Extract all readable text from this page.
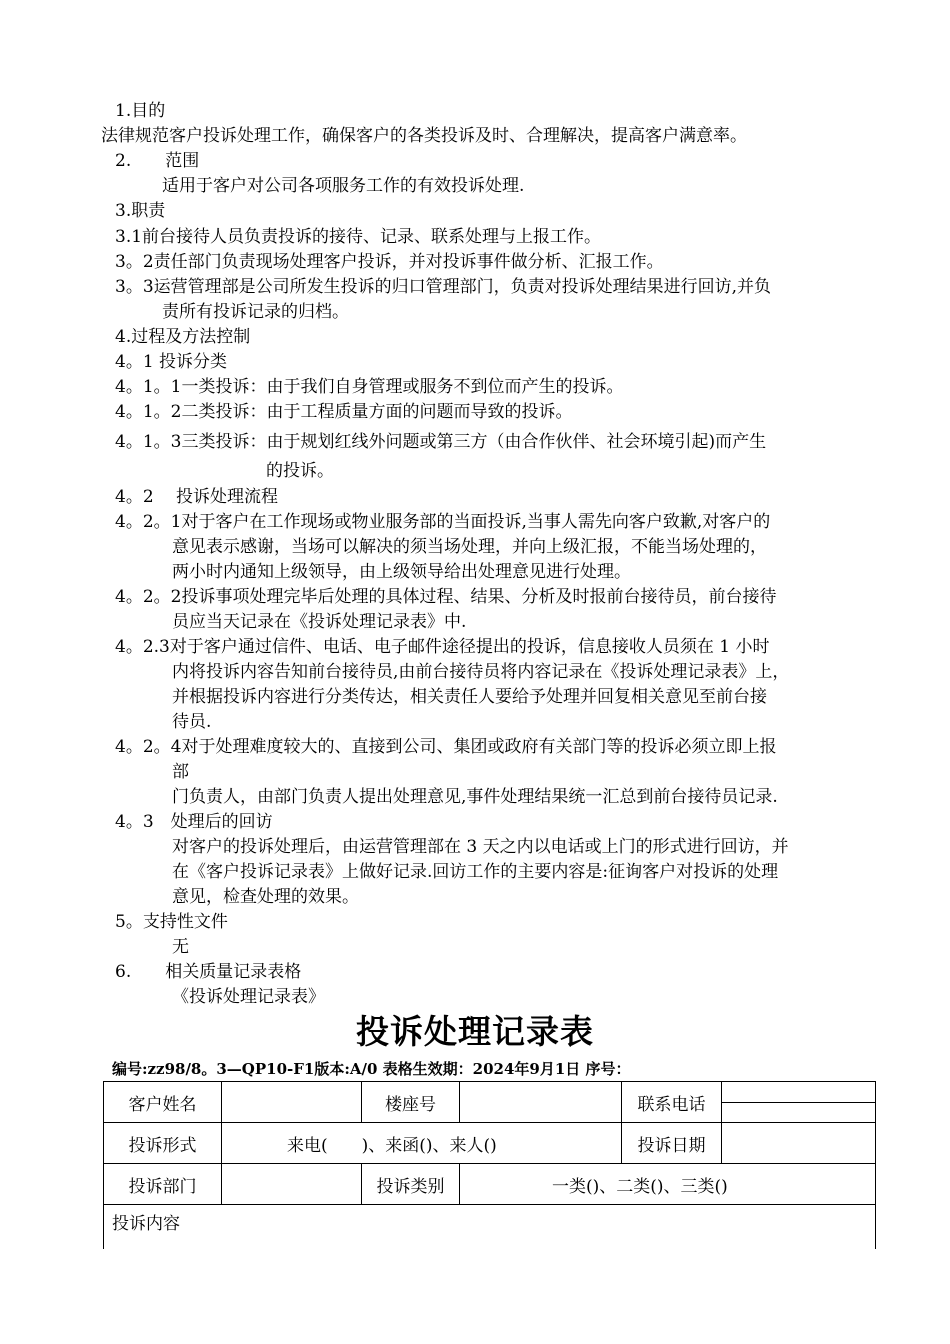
1.目的
法律规范客户投诉处理工作，确保客户的各类投诉及时、合理解决，提高客户满意率。
2.　　范围
适用于客户对公司各项服务工作的有效投诉处理.
3.职责
3.1前台接待人员负责投诉的接待、记录、联系处理与上报工作。
3。2责任部门负责现场处理客户投诉，并对投诉事件做分析、汇报工作。
3。3运营管理部是公司所发生投诉的归口管理部门，负责对投诉处理结果进行回访,并负
责所有投诉记录的归档。
4.过程及方法控制
4。1 投诉分类
4。1。1一类投诉：由于我们自身管理或服务不到位而产生的投诉。
4。1。2二类投诉：由于工程质量方面的问题而导致的投诉。
4。1。3三类投诉：由于规划红线外问题或第三方（由合作伙伴、社会环境引起)而产生
的投诉。
4。2　 投诉处理流程
4。2。1对于客户在工作现场或物业服务部的当面投诉,当事人需先向客户致歉,对客户的
意见表示感谢，当场可以解决的须当场处理，并向上级汇报，不能当场处理的，
两小时内通知上级领导，由上级领导给出处理意见进行处理。
4。2。2投诉事项处理完毕后处理的具体过程、结果、分析及时报前台接待员，前台接待
员应当天记录在《投诉处理记录表》中.
4。2.3对于客户通过信件、电话、电子邮件途径提出的投诉，信息接收人员须在 1 小时
内将投诉内容告知前台接待员,由前台接待员将内容记录在《投诉处理记录表》上，
并根据投诉内容进行分类传达，相关责任人要给予处理并回复相关意见至前台接
待员.
4。2。4对于处理难度较大的、直接到公司、集团或政府有关部门等的投诉必须立即上报
部
门负责人，由部门负责人提出处理意见,事件处理结果统一汇总到前台接待员记录.
4。3　处理后的回访
对客户的投诉处理后，由运营管理部在 3 天之内以电话或上门的形式进行回访，并
在《客户投诉记录表》上做好记录.回访工作的主要内容是:征询客户对投诉的处理
意见，检查处理的效果。
5。支持性文件
无
6.　　相关质量记录表格
《投诉处理记录表》
投诉处理记录表
编号:zz98/8。3—QP10-F1版本:A/0 表格生效期：2024年9月1日 序号：
客户姓名		楼座号		联系电话	

投诉形式	来电(　　)、来函()、来人()			投诉日期	
投诉部门		投诉类别	一类()、二类()、三类()		
投诉内容					
